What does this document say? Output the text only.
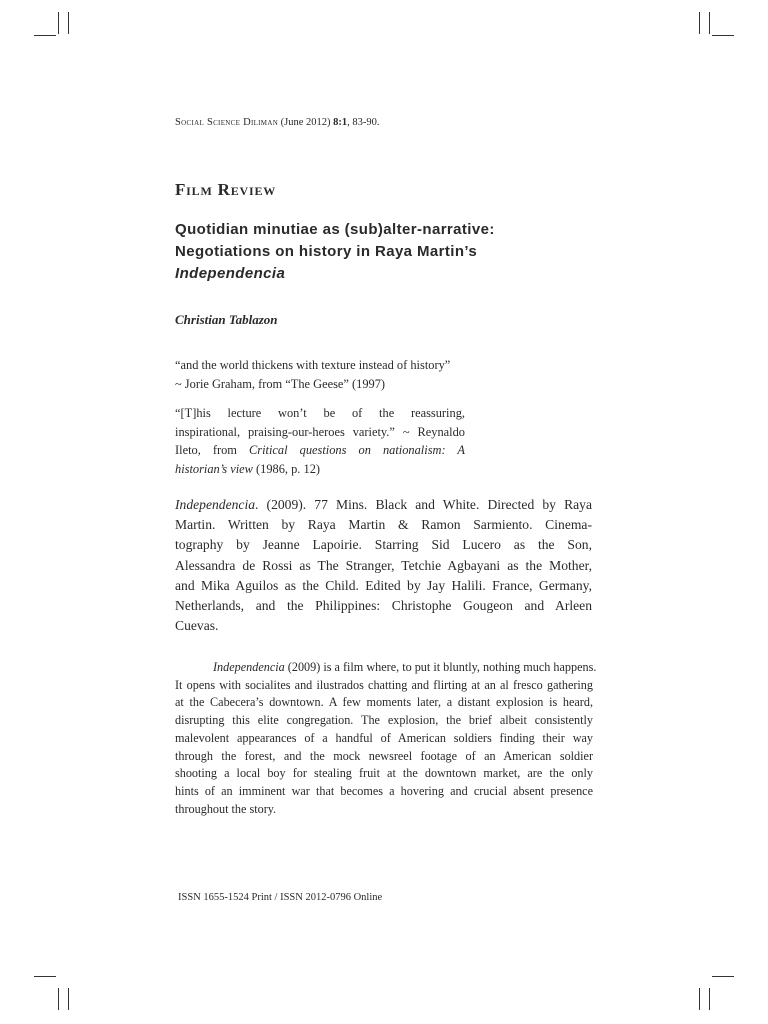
Social Science Diliman (June 2012) 8:1, 83-90.
Film Review
Quotidian minutiae as (sub)alter-narrative:
Negotiations on history in Raya Martin’s
Independencia
Christian Tablazon
“and the world thickens with texture instead of history”
~ Jorie Graham, from “The Geese” (1997)
“[T]his lecture won’t be of the reassuring,
inspirational, praising-our-heroes variety.” ~ Reynaldo
Ileto, from Critical questions on nationalism: A
historian’s view (1986, p. 12)
Independencia. (2009). 77 Mins. Black and White. Directed by Raya
Martin. Written by Raya Martin & Ramon Sarmiento. Cinema-
tography by Jeanne Lapoirie. Starring Sid Lucero as the Son,
Alessandra de Rossi as The Stranger, Tetchie Agbayani as the Mother,
and Mika Aguilos as the Child. Edited by Jay Halili. France, Germany,
Netherlands, and the Philippines: Christophe Gougeon and Arleen
Cuevas.
Independencia (2009) is a film where, to put it bluntly, nothing much happens.
It opens with socialites and ilustrados chatting and flirting at an al fresco gathering
at the Cabecera’s downtown. A few moments later, a distant explosion is heard,
disrupting this elite congregation. The explosion, the brief albeit consistently
malevolent appearances of a handful of American soldiers finding their way
through the forest, and the mock newsreel footage of an American soldier
shooting a local boy for stealing fruit at the downtown market, are the only
hints of an imminent war that becomes a hovering and crucial absent presence
throughout the story.
ISSN 1655-1524 Print / ISSN 2012-0796 Online
